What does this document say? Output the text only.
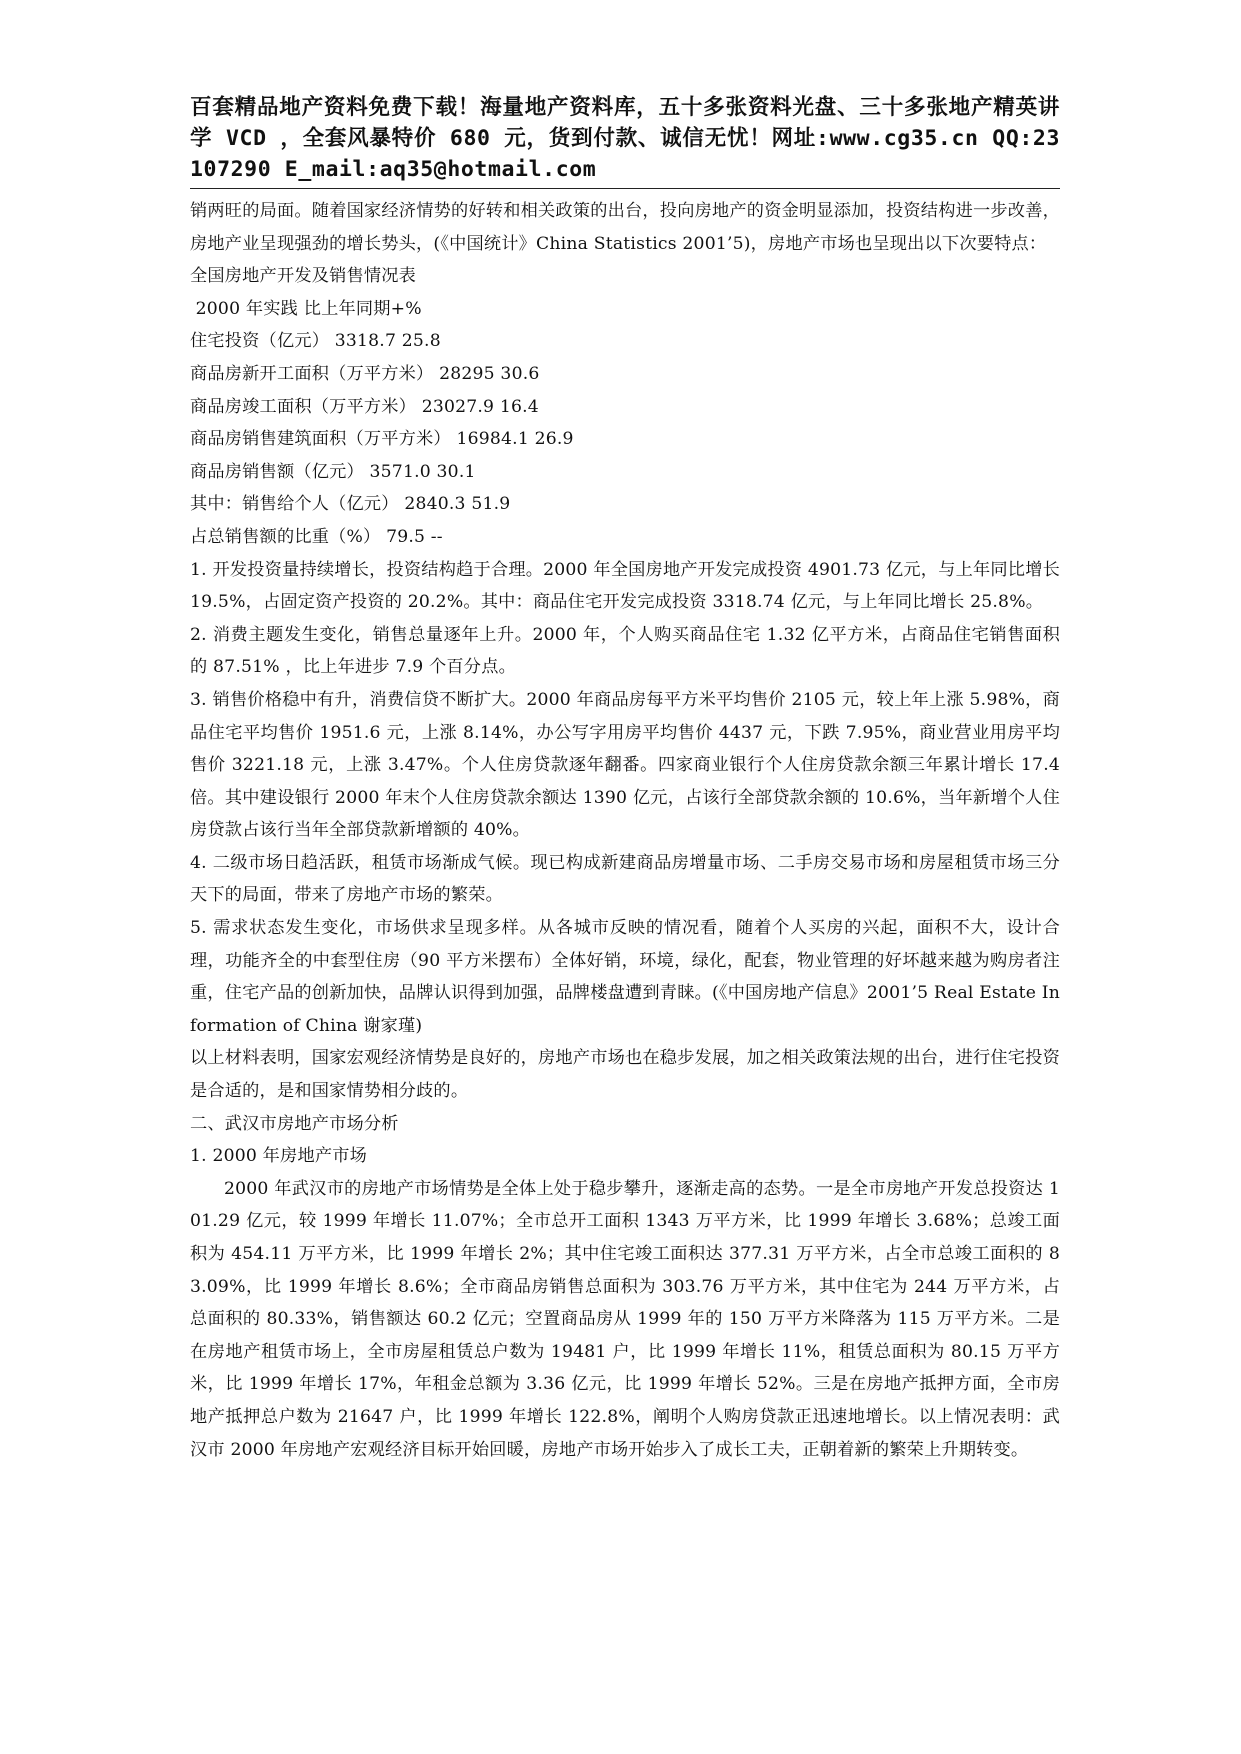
百套精品地产资料免费下载！海量地产资料库，五十多张资料光盘、三十多张地产精英讲学 VCD ，全套风暴特价 680 元，货到付款、诚信无忧！网址:www.cg35.cn QQ:23107290 E_mail:aq35@hotmail.com

销两旺的局面。随着国家经济情势的好转和相关政策的出台，投向房地产的资金明显添加，投资结构进一步改善，房地产业呈现强劲的增长势头，(《中国统计》China Statistics 2001’5)，房地产市场也呈现出以下次要特点：

全国房地产开发及销售情况表

2000 年实践 比上年同期+%

住宅投资（亿元） 3318.7 25.8

商品房新开工面积（万平方米） 28295 30.6

商品房竣工面积（万平方米） 23027.9 16.4

商品房销售建筑面积（万平方米） 16984.1 26.9

商品房销售额（亿元） 3571.0 30.1

其中：销售给个人（亿元） 2840.3 51.9

占总销售额的比重（%） 79.5 --

1. 开发投资量持续增长，投资结构趋于合理。2000 年全国房地产开发完成投资 4901.73 亿元，与上年同比增长 19.5%，占固定资产投资的 20.2%。其中：商品住宅开发完成投资 3318.74 亿元，与上年同比增长 25.8%。

2. 消费主题发生变化，销售总量逐年上升。2000 年，个人购买商品住宅 1.32 亿平方米，占商品住宅销售面积的 87.51% ，比上年进步 7.9 个百分点。

3. 销售价格稳中有升，消费信贷不断扩大。2000 年商品房每平方米平均售价 2105 元，较上年上涨 5.98%，商品住宅平均售价 1951.6 元，上涨 8.14%，办公写字用房平均售价 4437 元，下跌 7.95%，商业营业用房平均售价 3221.18 元，上涨 3.47%。个人住房贷款逐年翻番。四家商业银行个人住房贷款余额三年累计增长 17.4 倍。其中建设银行 2000 年末个人住房贷款余额达 1390 亿元，占该行全部贷款余额的 10.6%，当年新增个人住房贷款占该行当年全部贷款新增额的 40%。

4. 二级市场日趋活跃，租赁市场渐成气候。现已构成新建商品房增量市场、二手房交易市场和房屋租赁市场三分天下的局面，带来了房地产市场的繁荣。

5. 需求状态发生变化，市场供求呈现多样。从各城市反映的情况看，随着个人买房的兴起，面积不大，设计合理，功能齐全的中套型住房（90 平方米摆布）全体好销，环境，绿化，配套，物业管理的好坏越来越为购房者注重，住宅产品的创新加快，品牌认识得到加强，品牌楼盘遭到青睐。(《中国房地产信息》2001’5 Real Estate Information of China 谢家瑾)

以上材料表明，国家宏观经济情势是良好的，房地产市场也在稳步发展，加之相关政策法规的出台，进行住宅投资是合适的，是和国家情势相分歧的。

二、武汉市房地产市场分析

1. 2000 年房地产市场

2000 年武汉市的房地产市场情势是全体上处于稳步攀升，逐渐走高的态势。一是全市房地产开发总投资达 101.29 亿元，较 1999 年增长 11.07%；全市总开工面积 1343 万平方米，比 1999 年增长 3.68%；总竣工面积为 454.11 万平方米，比 1999 年增长 2%；其中住宅竣工面积达 377.31 万平方米，占全市总竣工面积的 83.09%，比 1999 年增长 8.6%；全市商品房销售总面积为 303.76 万平方米，其中住宅为 244 万平方米，占总面积的 80.33%，销售额达 60.2 亿元；空置商品房从 1999 年的 150 万平方米降落为 115 万平方米。二是在房地产租赁市场上，全市房屋租赁总户数为 19481 户，比 1999 年增长 11%，租赁总面积为 80.15 万平方米，比 1999 年增长 17%，年租金总额为 3.36 亿元，比 1999 年增长 52%。三是在房地产抵押方面，全市房地产抵押总户数为 21647 户，比 1999 年增长 122.8%，阐明个人购房贷款正迅速地增长。以上情况表明：武汉市 2000 年房地产宏观经济目标开始回暖，房地产市场开始步入了成长工夫，正朝着新的繁荣上升期转变。
